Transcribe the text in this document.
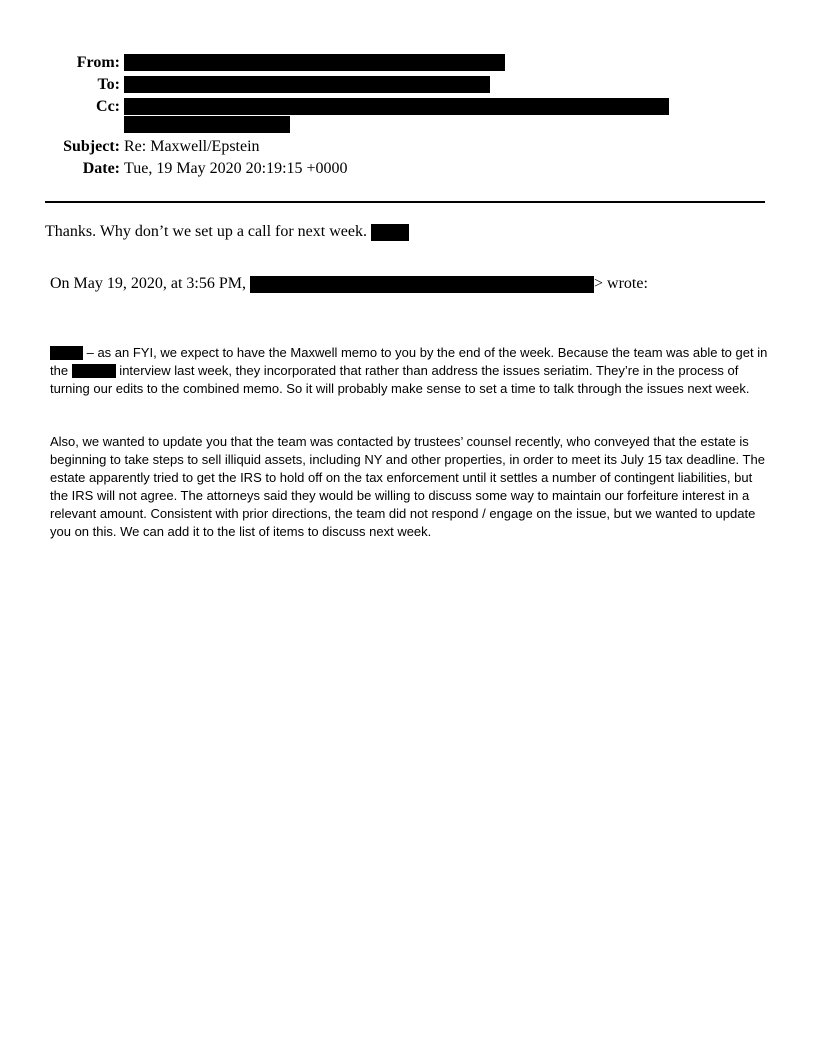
From:
To:
Cc:
Subject: Re: Maxwell/Epstein
Date: Tue, 19 May 2020 20:19:15 +0000
Thanks. Why don’t we set up a call for next week.
On May 19, 2020, at 3:56 PM,	> wrote:

– as an FYI, we expect to have the Maxwell memo to you by the end of the week. Because the team was able to get in the	interview last week, they incorporated that rather than address the issues seriatim. They’re in the process of turning our edits to the combined memo. So it will probably make sense to set a time to talk through the issues next week.

Also, we wanted to update you that the team was contacted by trustees’ counsel recently, who conveyed that the estate is beginning to take steps to sell illiquid assets, including NY and other properties, in order to meet its July 15 tax deadline. The estate apparently tried to get the IRS to hold off on the tax enforcement until it settles a number of contingent liabilities, but the IRS will not agree. The attorneys said they would be willing to discuss some way to maintain our forfeiture interest in a relevant amount. Consistent with prior directions, the team did not respond / engage on the issue, but we wanted to update you on this. We can add it to the list of items to discuss next week.
